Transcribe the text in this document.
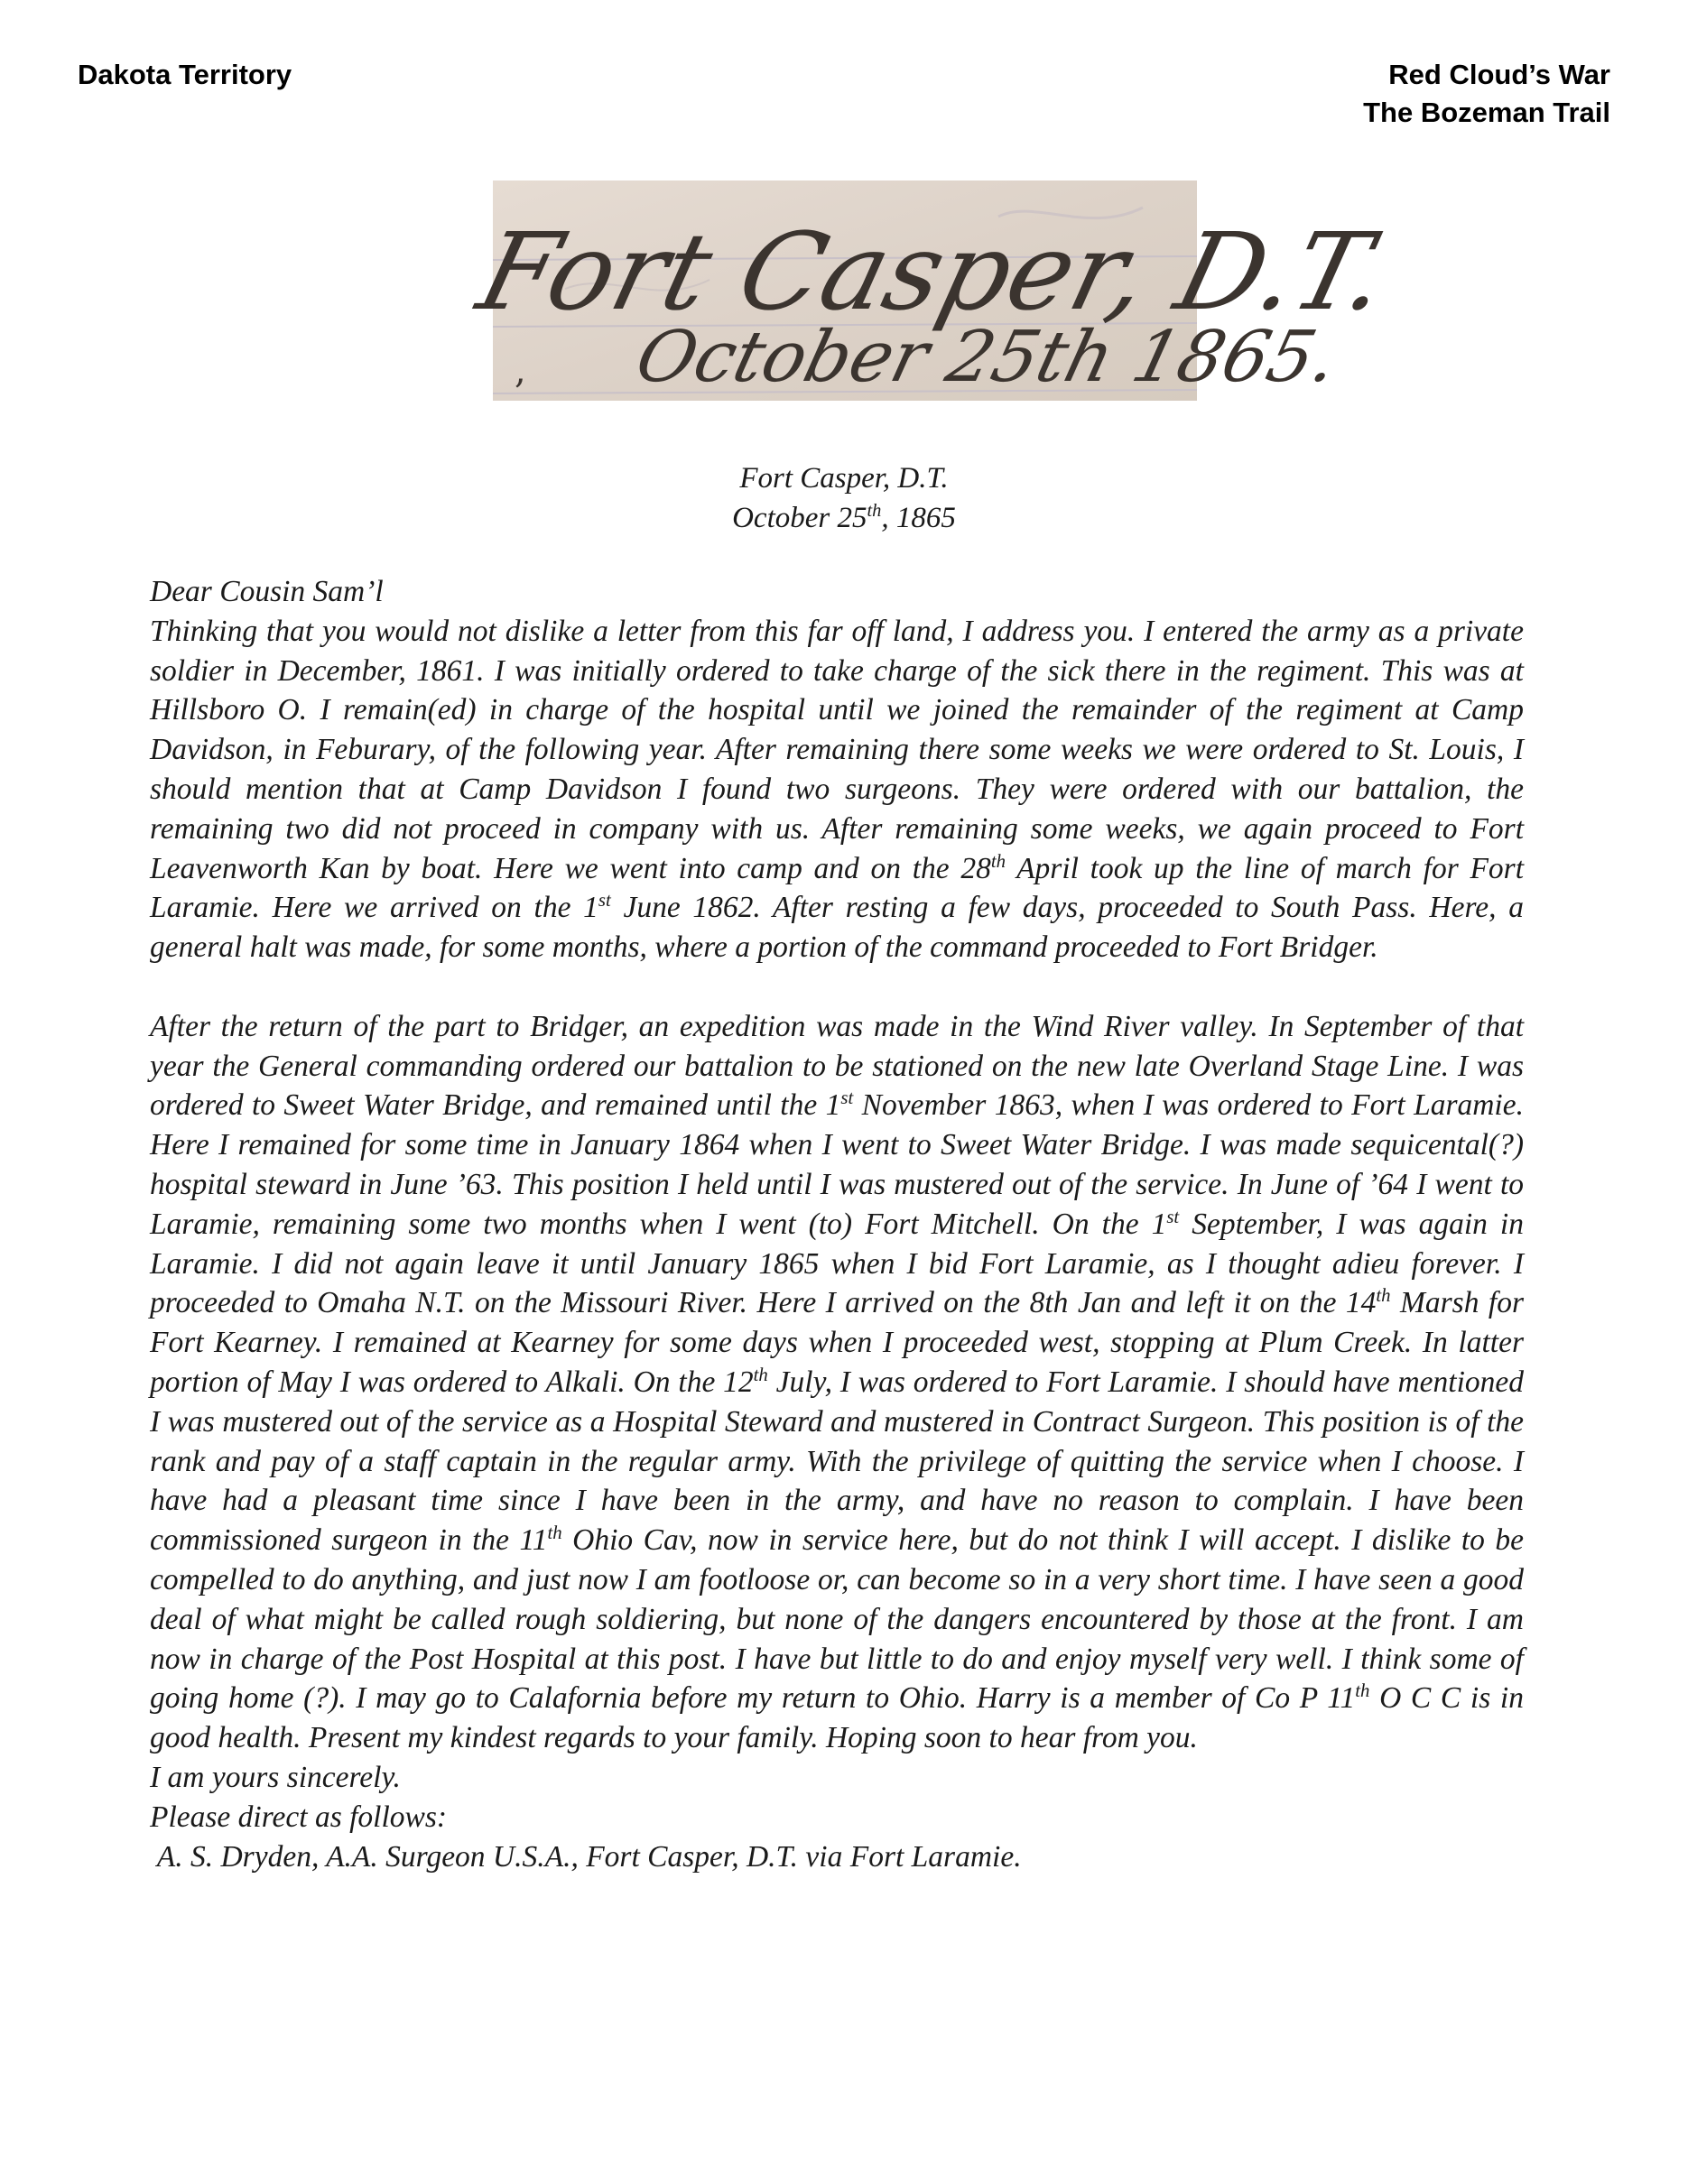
Dakota Territory	Red Cloud’s War
The Bozeman Trail
Fort Casper, D.T.
October 25th 1865.
,
Fort Casper, D.T.
October 25th, 1865

Dear Cousin Sam’l

Thinking that you would not dislike a letter from this far off land, I address you. I entered the army as a private soldier in December, 1861. I was initially ordered to take charge of the sick there in the regiment. This was at Hillsboro O. I remain(ed) in charge of the hospital until we joined the remainder of the regiment at Camp Davidson, in Feburary, of the following year. After remaining there some weeks we were ordered to St. Louis, I should mention that at Camp Davidson I found two surgeons. They were ordered with our battalion, the remaining two did not proceed in company with us. After remaining some weeks, we again proceed to Fort Leavenworth Kan by boat. Here we went into camp and on the 28th April took up the line of march for Fort Laramie. Here we arrived on the 1st June 1862. After resting a few days, proceeded to South Pass. Here, a general halt was made, for some months, where a portion of the command proceeded to Fort Bridger.

After the return of the part to Bridger, an expedition was made in the Wind River valley. In September of that year the General commanding ordered our battalion to be stationed on the new late Overland Stage Line. I was ordered to Sweet Water Bridge, and remained until the 1st November 1863, when I was ordered to Fort Laramie. Here I remained for some time in January 1864 when I went to Sweet Water Bridge. I was made sequicental(?) hospital steward in June ’63. This position I held until I was mustered out of the service. In June of ’64 I went to Laramie, remaining some two months when I went (to) Fort Mitchell. On the 1st September, I was again in Laramie. I did not again leave it until January 1865 when I bid Fort Laramie, as I thought adieu forever. I proceeded to Omaha N.T. on the Missouri River. Here I arrived on the 8th Jan and left it on the 14th Marsh for Fort Kearney. I remained at Kearney for some days when I proceeded west, stopping at Plum Creek. In latter portion of May I was ordered to Alkali. On the 12th July, I was ordered to Fort Laramie. I should have mentioned I was mustered out of the service as a Hospital Steward and mustered in Contract Surgeon. This position is of the rank and pay of a staff captain in the regular army. With the privilege of quitting the service when I choose. I have had a pleasant time since I have been in the army, and have no reason to complain. I have been commissioned surgeon in the 11th Ohio Cav, now in service here, but do not think I will accept. I dislike to be compelled to do anything, and just now I am footloose or, can become so in a very short time. I have seen a good deal of what might be called rough soldiering, but none of the dangers encountered by those at the front. I am now in charge of the Post Hospital at this post. I have but little to do and enjoy myself very well. I think some of going home (?). I may go to Calafornia before my return to Ohio. Harry is a member of Co P 11th O C C is in good health. Present my kindest regards to your family. Hoping soon to hear from you.

I am yours sincerely.

Please direct as follows:

A. S. Dryden, A.A. Surgeon U.S.A., Fort Casper, D.T. via Fort Laramie.
